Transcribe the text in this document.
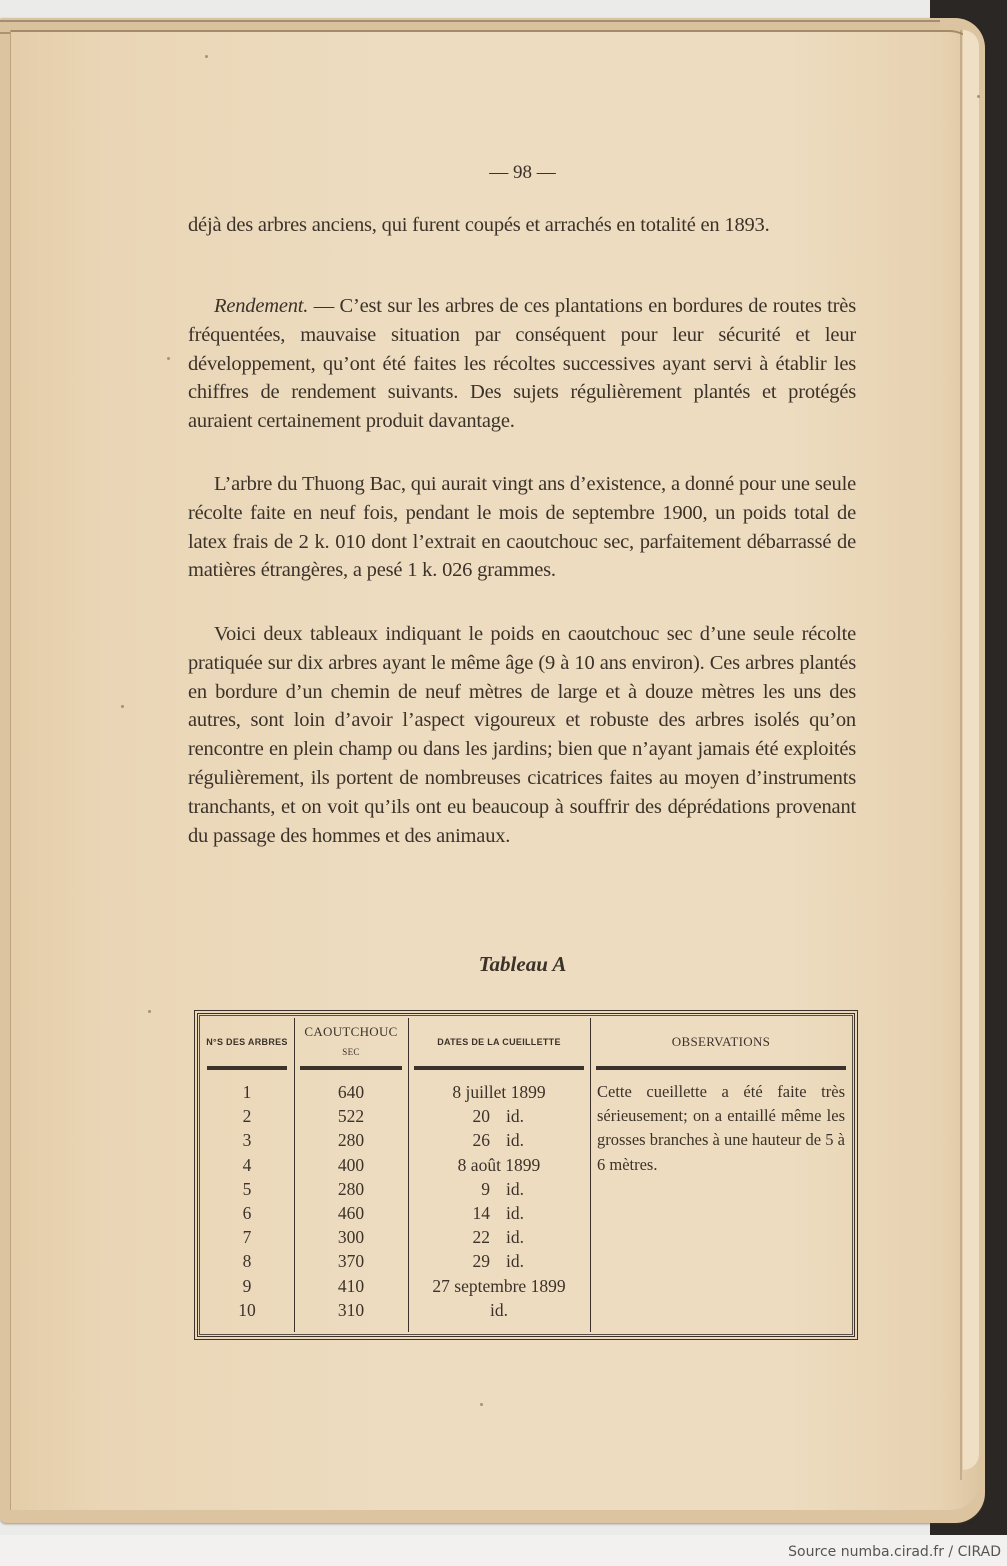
— 98 —
déjà des arbres anciens, qui furent coupés et arrachés en totalité en 1893.
Rendement. — C’est sur les arbres de ces plantations en bordures de routes très fréquentées, mauvaise situation par conséquent pour leur sécurité et leur développement, qu’ont été faites les récoltes successives ayant servi à établir les chiffres de rendement suivants. Des sujets régulièrement plantés et protégés auraient certainement produit davantage.
L’arbre du Thuong Bac, qui aurait vingt ans d’existence, a donné pour une seule récolte faite en neuf fois, pendant le mois de septembre 1900, un poids total de latex frais de 2 k. 010 dont l’extrait en caoutchouc sec, parfaitement débarrassé de matières étrangères, a pesé 1 k. 026 grammes.
Voici deux tableaux indiquant le poids en caoutchouc sec d’une seule récolte pratiquée sur dix arbres ayant le même âge (9 à 10 ans environ). Ces arbres plantés en bordure d’un chemin de neuf mètres de large et à douze mètres les uns des autres, sont loin d’avoir l’aspect vigoureux et robuste des arbres isolés qu’on rencontre en plein champ ou dans les jardins; bien que n’ayant jamais été exploités régulièrement, ils portent de nombreuses cicatrices faites au moyen d’instruments tranchants, et on voit qu’ils ont eu beaucoup à souffrir des déprédations provenant du passage des hommes et des animaux.
Tableau A
N°S DES ARBRES
1
2
3
4
5
6
7
8
9
10
CAOUTCHOUC
SEC
640
522
280
400
280
460
300
370
410
310
DATES DE LA CUEILLETTE
8 juillet 1899
20 id.
26 id.
8 août 1899
9 id.
14 id.
22 id.
29 id.
27 septembre 1899
id.
OBSERVATIONS
Cette cueillette a été faite très sérieusement; on a entaillé même les grosses branches à une hauteur de 5 à 6 mètres.
Source numba.cirad.fr / CIRAD
